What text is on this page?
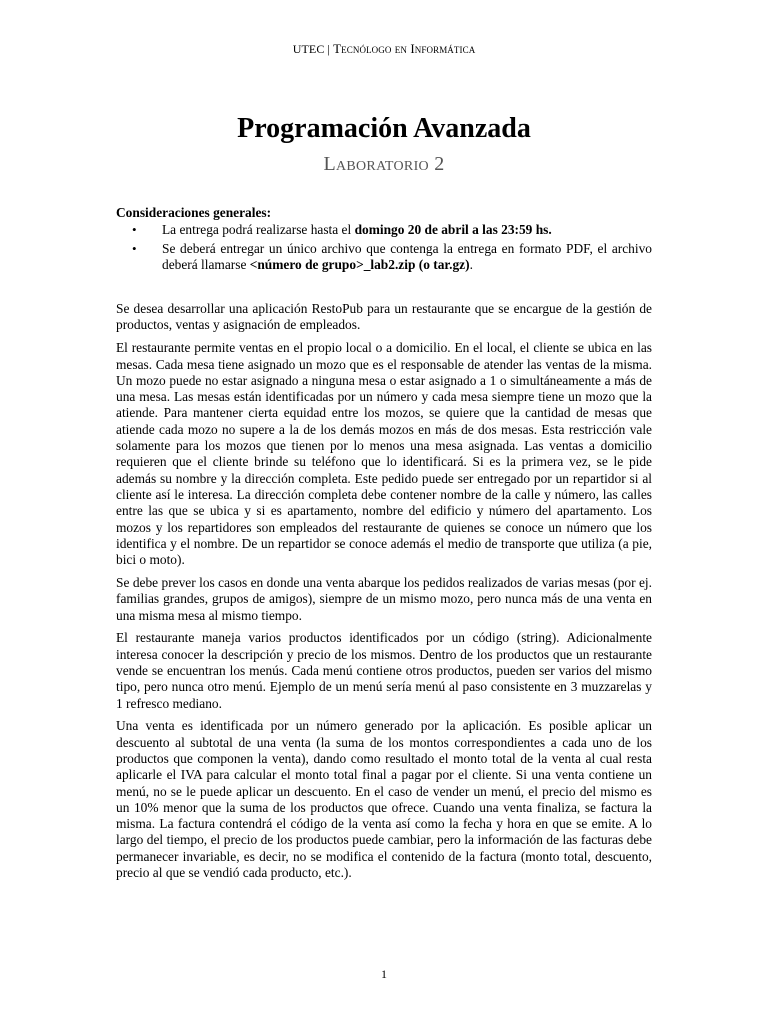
UTEC | Tecnólogo en Informática
Programación Avanzada
Laboratorio 2
Consideraciones generales:
• La entrega podrá realizarse hasta el domingo 20 de abril a las 23:59 hs.
• Se deberá entregar un único archivo que contenga la entrega en formato PDF, el archivo deberá llamarse <número de grupo>_lab2.zip (o tar.gz).

Se desea desarrollar una aplicación RestoPub para un restaurante que se encargue de la gestión de productos, ventas y asignación de empleados.

El restaurante permite ventas en el propio local o a domicilio. En el local, el cliente se ubica en las mesas. Cada mesa tiene asignado un mozo que es el responsable de atender las ventas de la misma. Un mozo puede no estar asignado a ninguna mesa o estar asignado a 1 o simultáneamente a más de una mesa. Las mesas están identificadas por un número y cada mesa siempre tiene un mozo que la atiende. Para mantener cierta equidad entre los mozos, se quiere que la cantidad de mesas que atiende cada mozo no supere a la de los demás mozos en más de dos mesas. Esta restricción vale solamente para los mozos que tienen por lo menos una mesa asignada. Las ventas a domicilio requieren que el cliente brinde su teléfono que lo identificará. Si es la primera vez, se le pide además su nombre y la dirección completa. Este pedido puede ser entregado por un repartidor si al cliente así le interesa. La dirección completa debe contener nombre de la calle y número, las calles entre las que se ubica y si es apartamento, nombre del edificio y número del apartamento. Los mozos y los repartidores son empleados del restaurante de quienes se conoce un número que los identifica y el nombre. De un repartidor se conoce además el medio de transporte que utiliza (a pie, bici o moto).

Se debe prever los casos en donde una venta abarque los pedidos realizados de varias mesas (por ej. familias grandes, grupos de amigos), siempre de un mismo mozo, pero nunca más de una venta en una misma mesa al mismo tiempo.

El restaurante maneja varios productos identificados por un código (string). Adicionalmente interesa conocer la descripción y precio de los mismos. Dentro de los productos que un restaurante vende se encuentran los menús. Cada menú contiene otros productos, pueden ser varios del mismo tipo, pero nunca otro menú. Ejemplo de un menú sería menú al paso consistente en 3 muzzarelas y 1 refresco mediano.

Una venta es identificada por un número generado por la aplicación. Es posible aplicar un descuento al subtotal de una venta (la suma de los montos correspondientes a cada uno de los productos que componen la venta), dando como resultado el monto total de la venta al cual resta aplicarle el IVA para calcular el monto total final a pagar por el cliente. Si una venta contiene un menú, no se le puede aplicar un descuento. En el caso de vender un menú, el precio del mismo es un 10% menor que la suma de los productos que ofrece. Cuando una venta finaliza, se factura la misma. La factura contendrá el código de la venta así como la fecha y hora en que se emite. A lo largo del tiempo, el precio de los productos puede cambiar, pero la información de las facturas debe permanecer invariable, es decir, no se modifica el contenido de la factura (monto total, descuento, precio al que se vendió cada producto, etc.).

1
